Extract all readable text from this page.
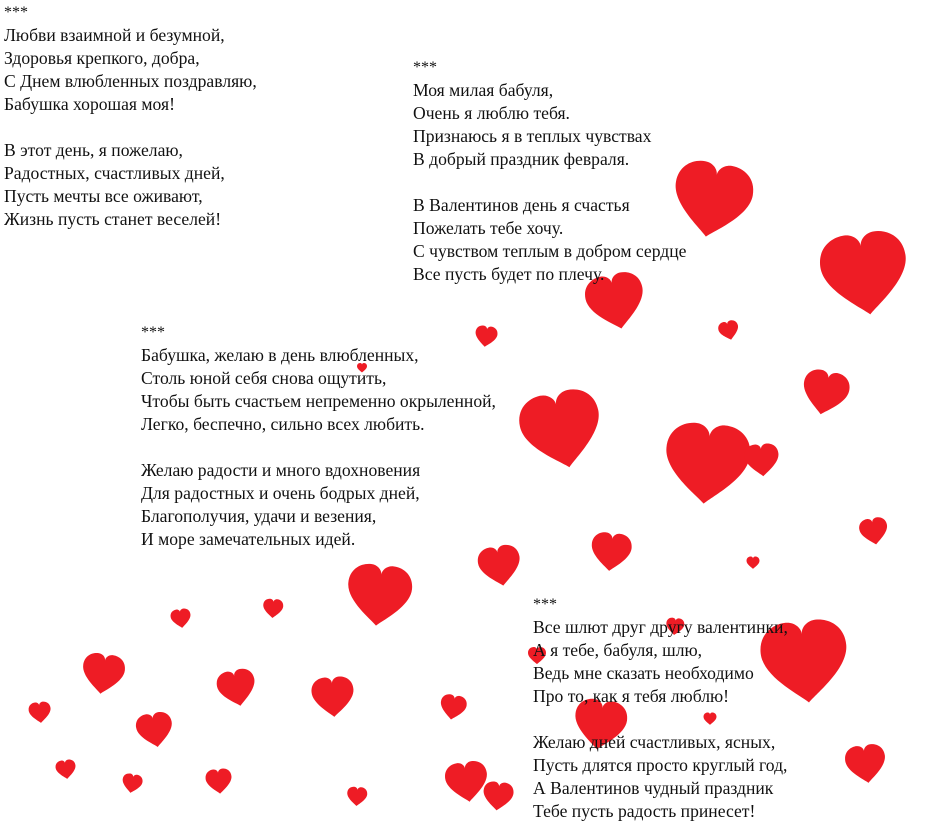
***
Любви взаимной и безумной,
Здоровья крепкого, добра,
С Днем влюбленных поздравляю,
Бабушка хорошая моя!
В этот день, я пожелаю,
Радостных, счастливых дней,
Пусть мечты все оживают,
Жизнь пусть станет веселей!
***
Моя милая бабуля,
Очень я люблю тебя.
Признаюсь я в теплых чувствах
В добрый праздник февраля.
В Валентинов день я счастья
Пожелать тебе хочу.
С чувством теплым в добром сердце
Все пусть будет по плечу.
***
Бабушка, желаю в день влюбленных,
Столь юной себя снова ощутить,
Чтобы быть счастьем непременно окрыленной,
Легко, беспечно, сильно всех любить.
Желаю радости и много вдохновения
Для радостных и очень бодрых дней,
Благополучия, удачи и везения,
И море замечательных идей.
***
Все шлют друг другу валентинки,
А я тебе, бабуля, шлю,
Ведь мне сказать необходимо
Про то, как я тебя люблю!
Желаю дней счастливых, ясных,
Пусть длятся просто круглый год,
А Валентинов чудный праздник
Тебе пусть радость принесет!
